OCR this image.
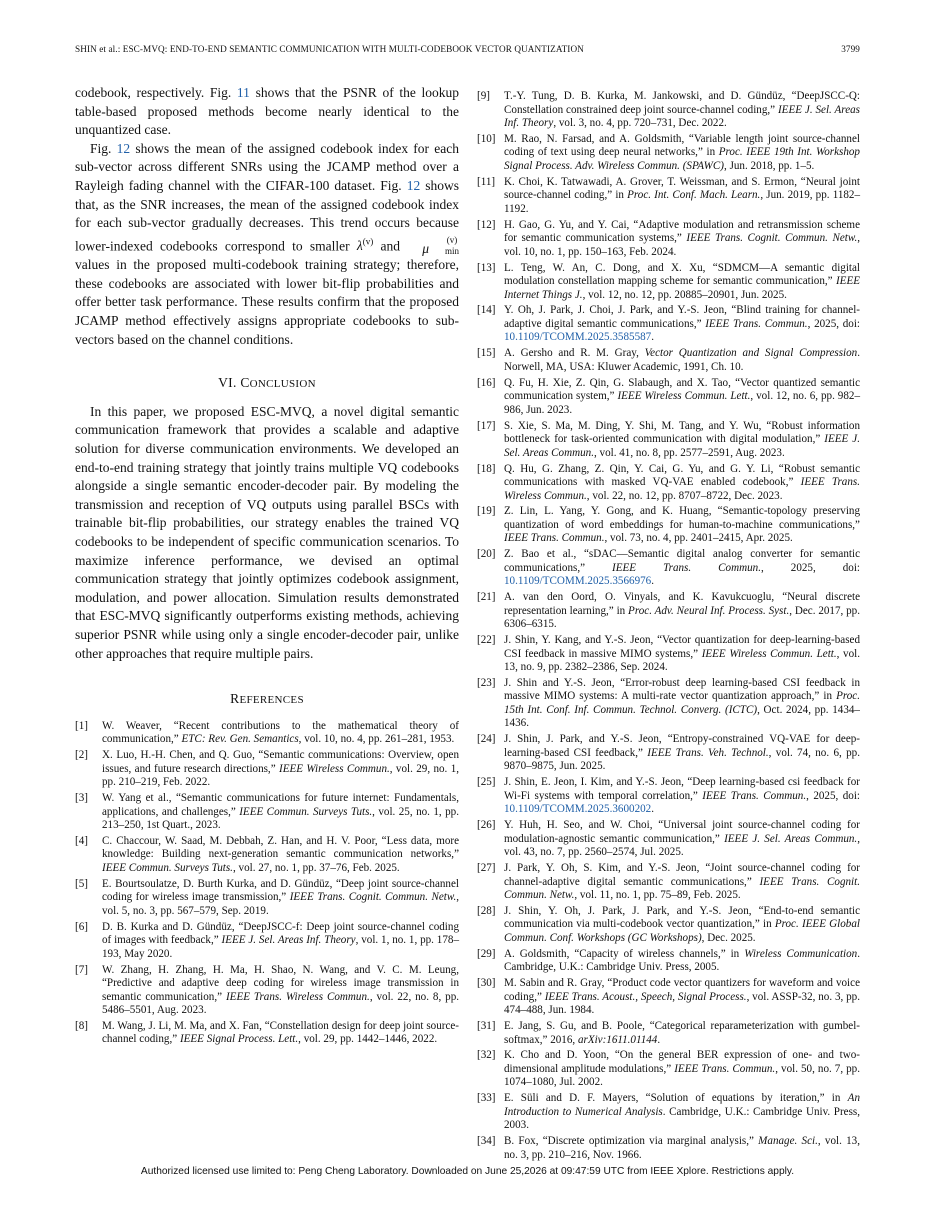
SHIN et al.: ESC-MVQ: END-TO-END SEMANTIC COMMUNICATION WITH MULTI-CODEBOOK VECTOR QUANTIZATION	3799

codebook, respectively. Fig. 11 shows that the PSNR of the lookup table-based proposed methods become nearly identical to the unquantized case.

Fig. 12 shows the mean of the assigned codebook index for each sub-vector across different SNRs using the JCAMP method over a Rayleigh fading channel with the CIFAR-100 dataset. Fig. 12 shows that, as the SNR increases, the mean of the assigned codebook index for each sub-vector gradually decreases. This trend occurs because lower-indexed codebooks correspond to smaller $\lambda^{(v)}$ and μ
(v)
min
values in the proposed multi-codebook training strategy; therefore, these codebooks are associated with lower bit-flip probabilities and offer better task performance. These results confirm that the proposed JCAMP method effectively assigns appropriate codebooks to sub-vectors based on the channel conditions.

VI. CONCLUSION

In this paper, we proposed ESC-MVQ, a novel digital semantic communication framework that provides a scalable and adaptive solution for diverse communication environments. We developed an end-to-end training strategy that jointly trains multiple VQ codebooks alongside a single semantic encoder-decoder pair. By modeling the transmission and reception of VQ outputs using parallel BSCs with trainable bit-flip probabilities, our strategy enables the trained VQ codebooks to be independent of specific communication scenarios. To maximize inference performance, we devised an optimal communication strategy that jointly optimizes codebook assignment, modulation, and power allocation. Simulation results demonstrated that ESC-MVQ significantly outperforms existing methods, achieving superior PSNR while using only a single encoder-decoder pair, unlike other approaches that require multiple pairs.

REFERENCES
[1]	W. Weaver, “Recent contributions to the mathematical theory of communication,” ETC: Rev. Gen. Semantics, vol. 10, no. 4, pp. 261–281, 1953.
[2]	X. Luo, H.-H. Chen, and Q. Guo, “Semantic communications: Overview, open issues, and future research directions,” IEEE Wireless Commun., vol. 29, no. 1, pp. 210–219, Feb. 2022.
[3]	W. Yang et al., “Semantic communications for future internet: Fundamentals, applications, and challenges,” IEEE Commun. Surveys Tuts., vol. 25, no. 1, pp. 213–250, 1st Quart., 2023.
[4]	C. Chaccour, W. Saad, M. Debbah, Z. Han, and H. V. Poor, “Less data, more knowledge: Building next-generation semantic communication networks,” IEEE Commun. Surveys Tuts., vol. 27, no. 1, pp. 37–76, Feb. 2025.
[5]	E. Bourtsoulatze, D. Burth Kurka, and D. Gündüz, “Deep joint source-channel coding for wireless image transmission,” IEEE Trans. Cognit. Commun. Netw., vol. 5, no. 3, pp. 567–579, Sep. 2019.
[6]	D. B. Kurka and D. Gündüz, “DeepJSCC-f: Deep joint source-channel coding of images with feedback,” IEEE J. Sel. Areas Inf. Theory, vol. 1, no. 1, pp. 178–193, May 2020.
[7]	W. Zhang, H. Zhang, H. Ma, H. Shao, N. Wang, and V. C. M. Leung, “Predictive and adaptive deep coding for wireless image transmission in semantic communication,” IEEE Trans. Wireless Commun., vol. 22, no. 8, pp. 5486–5501, Aug. 2023.
[8]	M. Wang, J. Li, M. Ma, and X. Fan, “Constellation design for deep joint source-channel coding,” IEEE Signal Process. Lett., vol. 29, pp. 1442–1446, 2022.
[9]	T.-Y. Tung, D. B. Kurka, M. Jankowski, and D. Gündüz, “DeepJSCC-Q: Constellation constrained deep joint source-channel coding,” IEEE J. Sel. Areas Inf. Theory, vol. 3, no. 4, pp. 720–731, Dec. 2022.
[10] M. Rao, N. Farsad, and A. Goldsmith, “Variable length joint source-channel coding of text using deep neural networks,” in Proc. IEEE 19th Int. Workshop Signal Process. Adv. Wireless Commun. (SPAWC), Jun. 2018, pp. 1–5.
[11] K. Choi, K. Tatwawadi, A. Grover, T. Weissman, and S. Ermon, “Neural joint source-channel coding,” in Proc. Int. Conf. Mach. Learn., Jun. 2019, pp. 1182–1192.
[12] H. Gao, G. Yu, and Y. Cai, “Adaptive modulation and retransmission scheme for semantic communication systems,” IEEE Trans. Cognit. Commun. Netw., vol. 10, no. 1, pp. 150–163, Feb. 2024.
[13] L. Teng, W. An, C. Dong, and X. Xu, “SDMCM—A semantic digital modulation constellation mapping scheme for semantic communication,” IEEE Internet Things J., vol. 12, no. 12, pp. 20885–20901, Jun. 2025.
[14] Y. Oh, J. Park, J. Choi, J. Park, and Y.-S. Jeon, “Blind training for channel-adaptive digital semantic communications,” IEEE Trans. Commun., 2025, doi: 10.1109/TCOMM.2025.3585587.
[15] A. Gersho and R. M. Gray, Vector Quantization and Signal Compression. Norwell, MA, USA: Kluwer Academic, 1991, Ch. 10.
[16] Q. Fu, H. Xie, Z. Qin, G. Slabaugh, and X. Tao, “Vector quantized semantic communication system,” IEEE Wireless Commun. Lett., vol. 12, no. 6, pp. 982–986, Jun. 2023.
[17] S. Xie, S. Ma, M. Ding, Y. Shi, M. Tang, and Y. Wu, “Robust information bottleneck for task-oriented communication with digital modulation,” IEEE J. Sel. Areas Commun., vol. 41, no. 8, pp. 2577–2591, Aug. 2023.
[18] Q. Hu, G. Zhang, Z. Qin, Y. Cai, G. Yu, and G. Y. Li, “Robust semantic communications with masked VQ-VAE enabled codebook,” IEEE Trans. Wireless Commun., vol. 22, no. 12, pp. 8707–8722, Dec. 2023.
[19] Z. Lin, L. Yang, Y. Gong, and K. Huang, “Semantic-topology preserving quantization of word embeddings for human-to-machine communications,” IEEE Trans. Commun., vol. 73, no. 4, pp. 2401–2415, Apr. 2025.
[20] Z. Bao et al., “sDAC—Semantic digital analog converter for semantic communications,” IEEE Trans. Commun., 2025, doi: 10.1109/TCOMM.2025.3566976.
[21] A. van den Oord, O. Vinyals, and K. Kavukcuoglu, “Neural discrete representation learning,” in Proc. Adv. Neural Inf. Process. Syst., Dec. 2017, pp. 6306–6315.
[22] J. Shin, Y. Kang, and Y.-S. Jeon, “Vector quantization for deep-learning-based CSI feedback in massive MIMO systems,” IEEE Wireless Commun. Lett., vol. 13, no. 9, pp. 2382–2386, Sep. 2024.
[23] J. Shin and Y.-S. Jeon, “Error-robust deep learning-based CSI feedback in massive MIMO systems: A multi-rate vector quantization approach,” in Proc. 15th Int. Conf. Inf. Commun. Technol. Converg. (ICTC), Oct. 2024, pp. 1434–1436.
[24] J. Shin, J. Park, and Y.-S. Jeon, “Entropy-constrained VQ-VAE for deep-learning-based CSI feedback,” IEEE Trans. Veh. Technol., vol. 74, no. 6, pp. 9870–9875, Jun. 2025.
[25] J. Shin, E. Jeon, I. Kim, and Y.-S. Jeon, “Deep learning-based csi feedback for Wi-Fi systems with temporal correlation,” IEEE Trans. Commun., 2025, doi: 10.1109/TCOMM.2025.3600202.
[26] Y. Huh, H. Seo, and W. Choi, “Universal joint source-channel coding for modulation-agnostic semantic communication,” IEEE J. Sel. Areas Commun., vol. 43, no. 7, pp. 2560–2574, Jul. 2025.
[27] J. Park, Y. Oh, S. Kim, and Y.-S. Jeon, “Joint source-channel coding for channel-adaptive digital semantic communications,” IEEE Trans. Cognit. Commun. Netw., vol. 11, no. 1, pp. 75–89, Feb. 2025.
[28] J. Shin, Y. Oh, J. Park, J. Park, and Y.-S. Jeon, “End-to-end semantic communication via multi-codebook vector quantization,” in Proc. IEEE Global Commun. Conf. Workshops (GC Workshops), Dec. 2025.
[29] A. Goldsmith, “Capacity of wireless channels,” in Wireless Communication. Cambridge, U.K.: Cambridge Univ. Press, 2005.
[30] M. Sabin and R. Gray, “Product code vector quantizers for waveform and voice coding,” IEEE Trans. Acoust., Speech, Signal Process., vol. ASSP-32, no. 3, pp. 474–488, Jun. 1984.
[31] E. Jang, S. Gu, and B. Poole, “Categorical reparameterization with gumbel-softmax,” 2016, arXiv:1611.01144.
[32] K. Cho and D. Yoon, “On the general BER expression of one- and two-dimensional amplitude modulations,” IEEE Trans. Commun., vol. 50, no. 7, pp. 1074–1080, Jul. 2002.
[33] E. Süli and D. F. Mayers, “Solution of equations by iteration,” in An Introduction to Numerical Analysis. Cambridge, U.K.: Cambridge Univ. Press, 2003.
[34] B. Fox, “Discrete optimization via marginal analysis,” Manage. Sci., vol. 13, no. 3, pp. 210–216, Nov. 1966.
Authorized licensed use limited to: Peng Cheng Laboratory. Downloaded on June 25,2026 at 09:47:59 UTC from IEEE Xplore. Restrictions apply.
